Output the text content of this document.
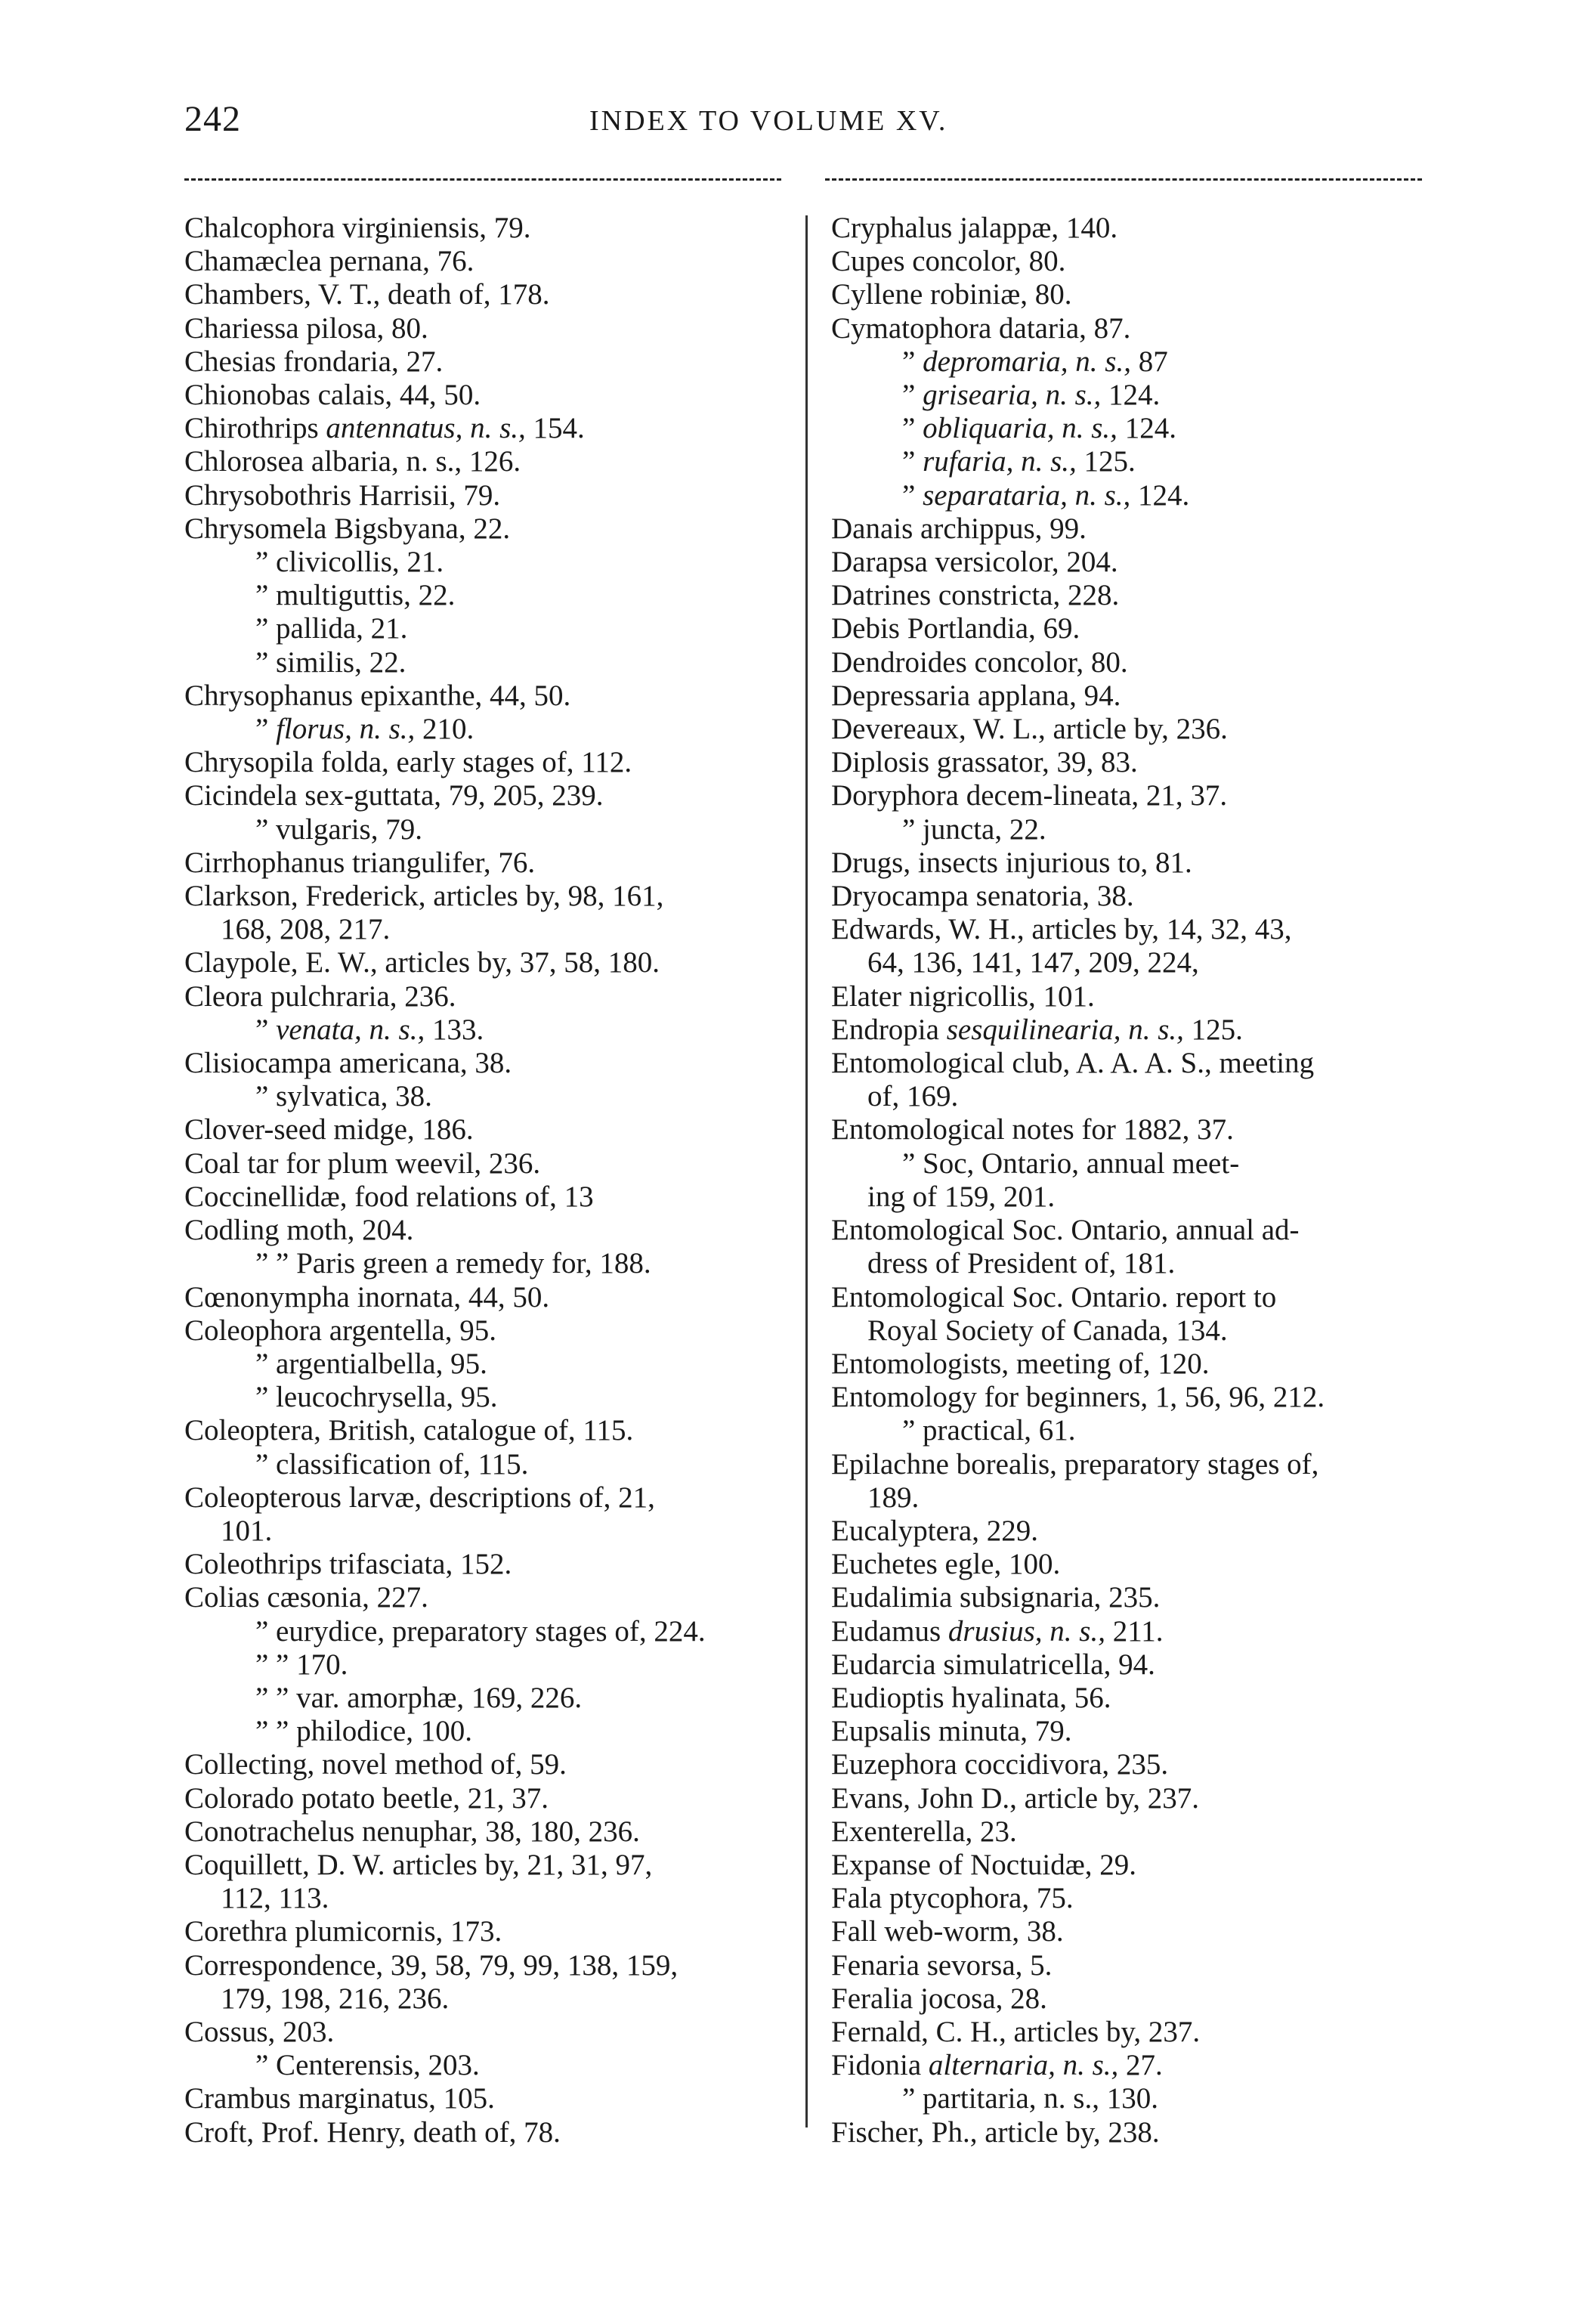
242	INDEX TO VOLUME XV.
Chalcophora virginiensis, 79.
Chamæclea pernana, 76.
Chambers, V. T., death of, 178.
Chariessa pilosa, 80.
Chesias frondaria, 27.
Chionobas calais, 44, 50.
Chirothrips antennatus, n. s., 154.
Chlorosea albaria, n. s., 126.
Chrysobothris Harrisii, 79.
Chrysomela Bigsbyana, 22.
” clivicollis, 21.
” multiguttis, 22.
” pallida, 21.
” similis, 22.
Chrysophanus epixanthe, 44, 50.
” florus, n. s., 210.
Chrysopila folda, early stages of, 112.
Cicindela sex-guttata, 79, 205, 239.
” vulgaris, 79.
Cirrhophanus triangulifer, 76.
Clarkson, Frederick, articles by, 98, 161,
168, 208, 217.
Claypole, E. W., articles by, 37, 58, 180.
Cleora pulchraria, 236.
” venata, n. s., 133.
Clisiocampa americana, 38.
” sylvatica, 38.
Clover-seed midge, 186.
Coal tar for plum weevil, 236.
Coccinellidæ, food relations of, 13
Codling moth, 204.
” ” Paris green a remedy for, 188.
Cœnonympha inornata, 44, 50.
Coleophora argentella, 95.
” argentialbella, 95.
” leucochrysella, 95.
Coleoptera, British, catalogue of, 115.
” classification of, 115.
Coleopterous larvæ, descriptions of, 21,
101.
Coleothrips trifasciata, 152.
Colias cæsonia, 227.
” eurydice, preparatory stages of, 224.
” ” 170.
” ” var. amorphæ, 169, 226.
” ” philodice, 100.
Collecting, novel method of, 59.
Colorado potato beetle, 21, 37.
Conotrachelus nenuphar, 38, 180, 236.
Coquillett, D. W. articles by, 21, 31, 97,
112, 113.
Corethra plumicornis, 173.
Correspondence, 39, 58, 79, 99, 138, 159,
179, 198, 216, 236.
Cossus, 203.
” Centerensis, 203.
Crambus marginatus, 105.
Croft, Prof. Henry, death of, 78.
Cryphalus jalappæ, 140.
Cupes concolor, 80.
Cyllene robiniæ, 80.
Cymatophora dataria, 87.
” depromaria, n. s., 87
” grisearia, n. s., 124.
” obliquaria, n. s., 124.
” rufaria, n. s., 125.
” separataria, n. s., 124.
Danais archippus, 99.
Darapsa versicolor, 204.
Datrines constricta, 228.
Debis Portlandia, 69.
Dendroides concolor, 80.
Depressaria applana, 94.
Devereaux, W. L., article by, 236.
Diplosis grassator, 39, 83.
Doryphora decem-lineata, 21, 37.
” juncta, 22.
Drugs, insects injurious to, 81.
Dryocampa senatoria, 38.
Edwards, W. H., articles by, 14, 32, 43,
64, 136, 141, 147, 209, 224,
Elater nigricollis, 101.
Endropia sesquilinearia, n. s., 125.
Entomological club, A. A. A. S., meeting
of, 169.
Entomological notes for 1882, 37.
” Soc, Ontario, annual meet-
ing of 159, 201.
Entomological Soc. Ontario, annual ad-
dress of President of, 181.
Entomological Soc. Ontario. report to
Royal Society of Canada, 134.
Entomologists, meeting of, 120.
Entomology for beginners, 1, 56, 96, 212.
” practical, 61.
Epilachne borealis, preparatory stages of,
189.
Eucalyptera, 229.
Euchetes egle, 100.
Eudalimia subsignaria, 235.
Eudamus drusius, n. s., 211.
Eudarcia simulatricella, 94.
Eudioptis hyalinata, 56.
Eupsalis minuta, 79.
Euzephora coccidivora, 235.
Evans, John D., article by, 237.
Exenterella, 23.
Expanse of Noctuidæ, 29.
Fala ptycophora, 75.
Fall web-worm, 38.
Fenaria sevorsa, 5.
Feralia jocosa, 28.
Fernald, C. H., articles by, 237.
Fidonia alternaria, n. s., 27.
” partitaria, n. s., 130.
Fischer, Ph., article by, 238.
